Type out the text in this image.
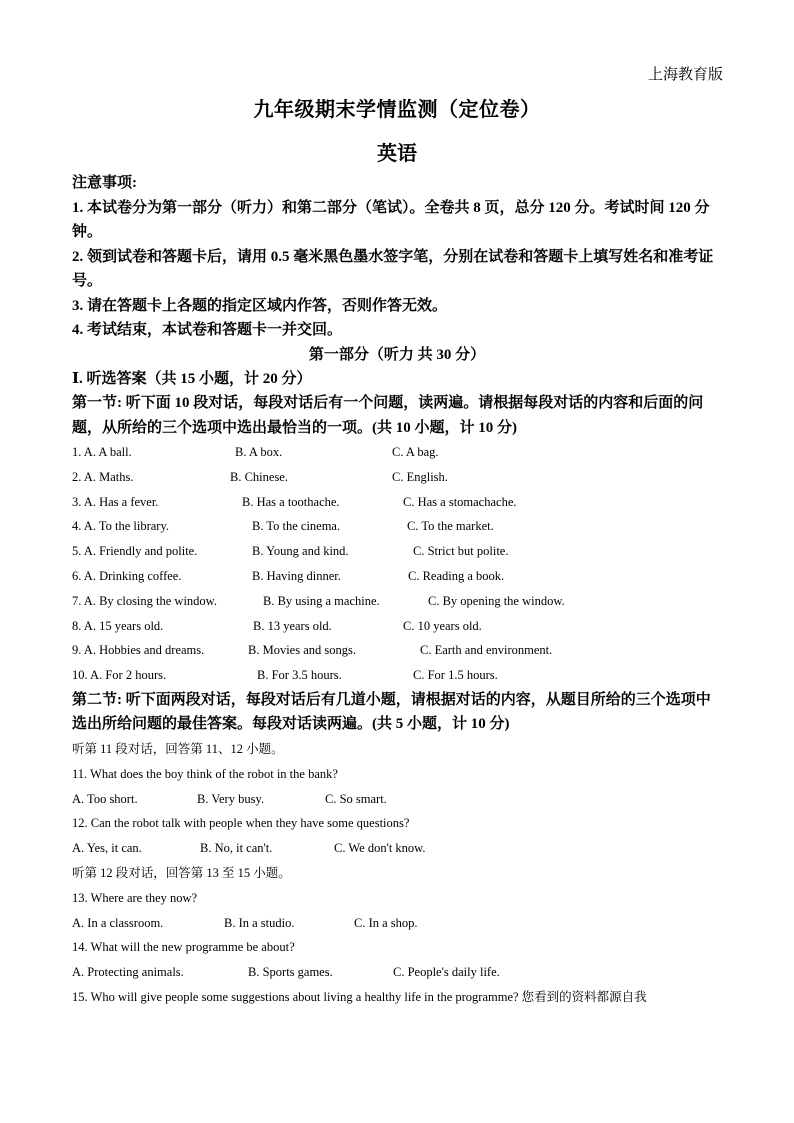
上海教育版
九年级期末学情监测（定位卷）
英语
注意事项:
1. 本试卷分为第一部分（听力）和第二部分（笔试）。全卷共 8 页，总分 120 分。考试时间 120 分钟。
2. 领到试卷和答题卡后，请用 0.5 毫米黑色墨水签字笔，分别在试卷和答题卡上填写姓名和准考证号。
3. 请在答题卡上各题的指定区域内作答，否则作答无效。
4. 考试结束，本试卷和答题卡一并交回。
第一部分（听力 共 30 分）
Ⅰ. 听选答案（共 15 小题，计 20 分）
第一节: 听下面 10 段对话，每段对话后有一个问题，读两遍。请根据每段对话的内容和后面的问题，从所给的三个选项中选出最恰当的一项。(共 10 小题，计 10 分)
1. A. A ball.	B. A box.	C. A bag.
2. A. Maths.	B. Chinese.	C. English.
3. A. Has a fever.	B. Has a toothache.	C. Has a stomachache.
4. A. To the library.	B. To the cinema.	C. To the market.
5. A. Friendly and polite.	B. Young and kind.	C. Strict but polite.
6. A. Drinking coffee.	B. Having dinner.	C. Reading a book.
7. A. By closing the window.	B. By using a machine.	C. By opening the window.
8. A. 15 years old.	B. 13 years old.	C. 10 years old.
9. A. Hobbies and dreams.	B. Movies and songs.	C. Earth and environment.
10. A. For 2 hours.	B. For 3.5 hours.	C. For 1.5 hours.
第二节: 听下面两段对话，每段对话后有几道小题，请根据对话的内容，从题目所给的三个选项中选出所给问题的最佳答案。每段对话读两遍。(共 5 小题，计 10 分)
听第 11 段对话，回答第 11、12 小题。
11. What does the boy think of the robot in the bank?
A. Too short.	B. Very busy.	C. So smart.
12. Can the robot talk with people when they have some questions?
A. Yes, it can.	B. No, it can't.	C. We don't know.
听第 12 段对话，回答第 13 至 15 小题。
13. Where are they now?
A. In a classroom.	B. In a studio.	C. In a shop.
14. What will the new programme be about?
A. Protecting animals.	B. Sports games.	C. People's daily life.
15. Who will give people some suggestions about living a healthy life in the programme? 您看到的资料都源自我
